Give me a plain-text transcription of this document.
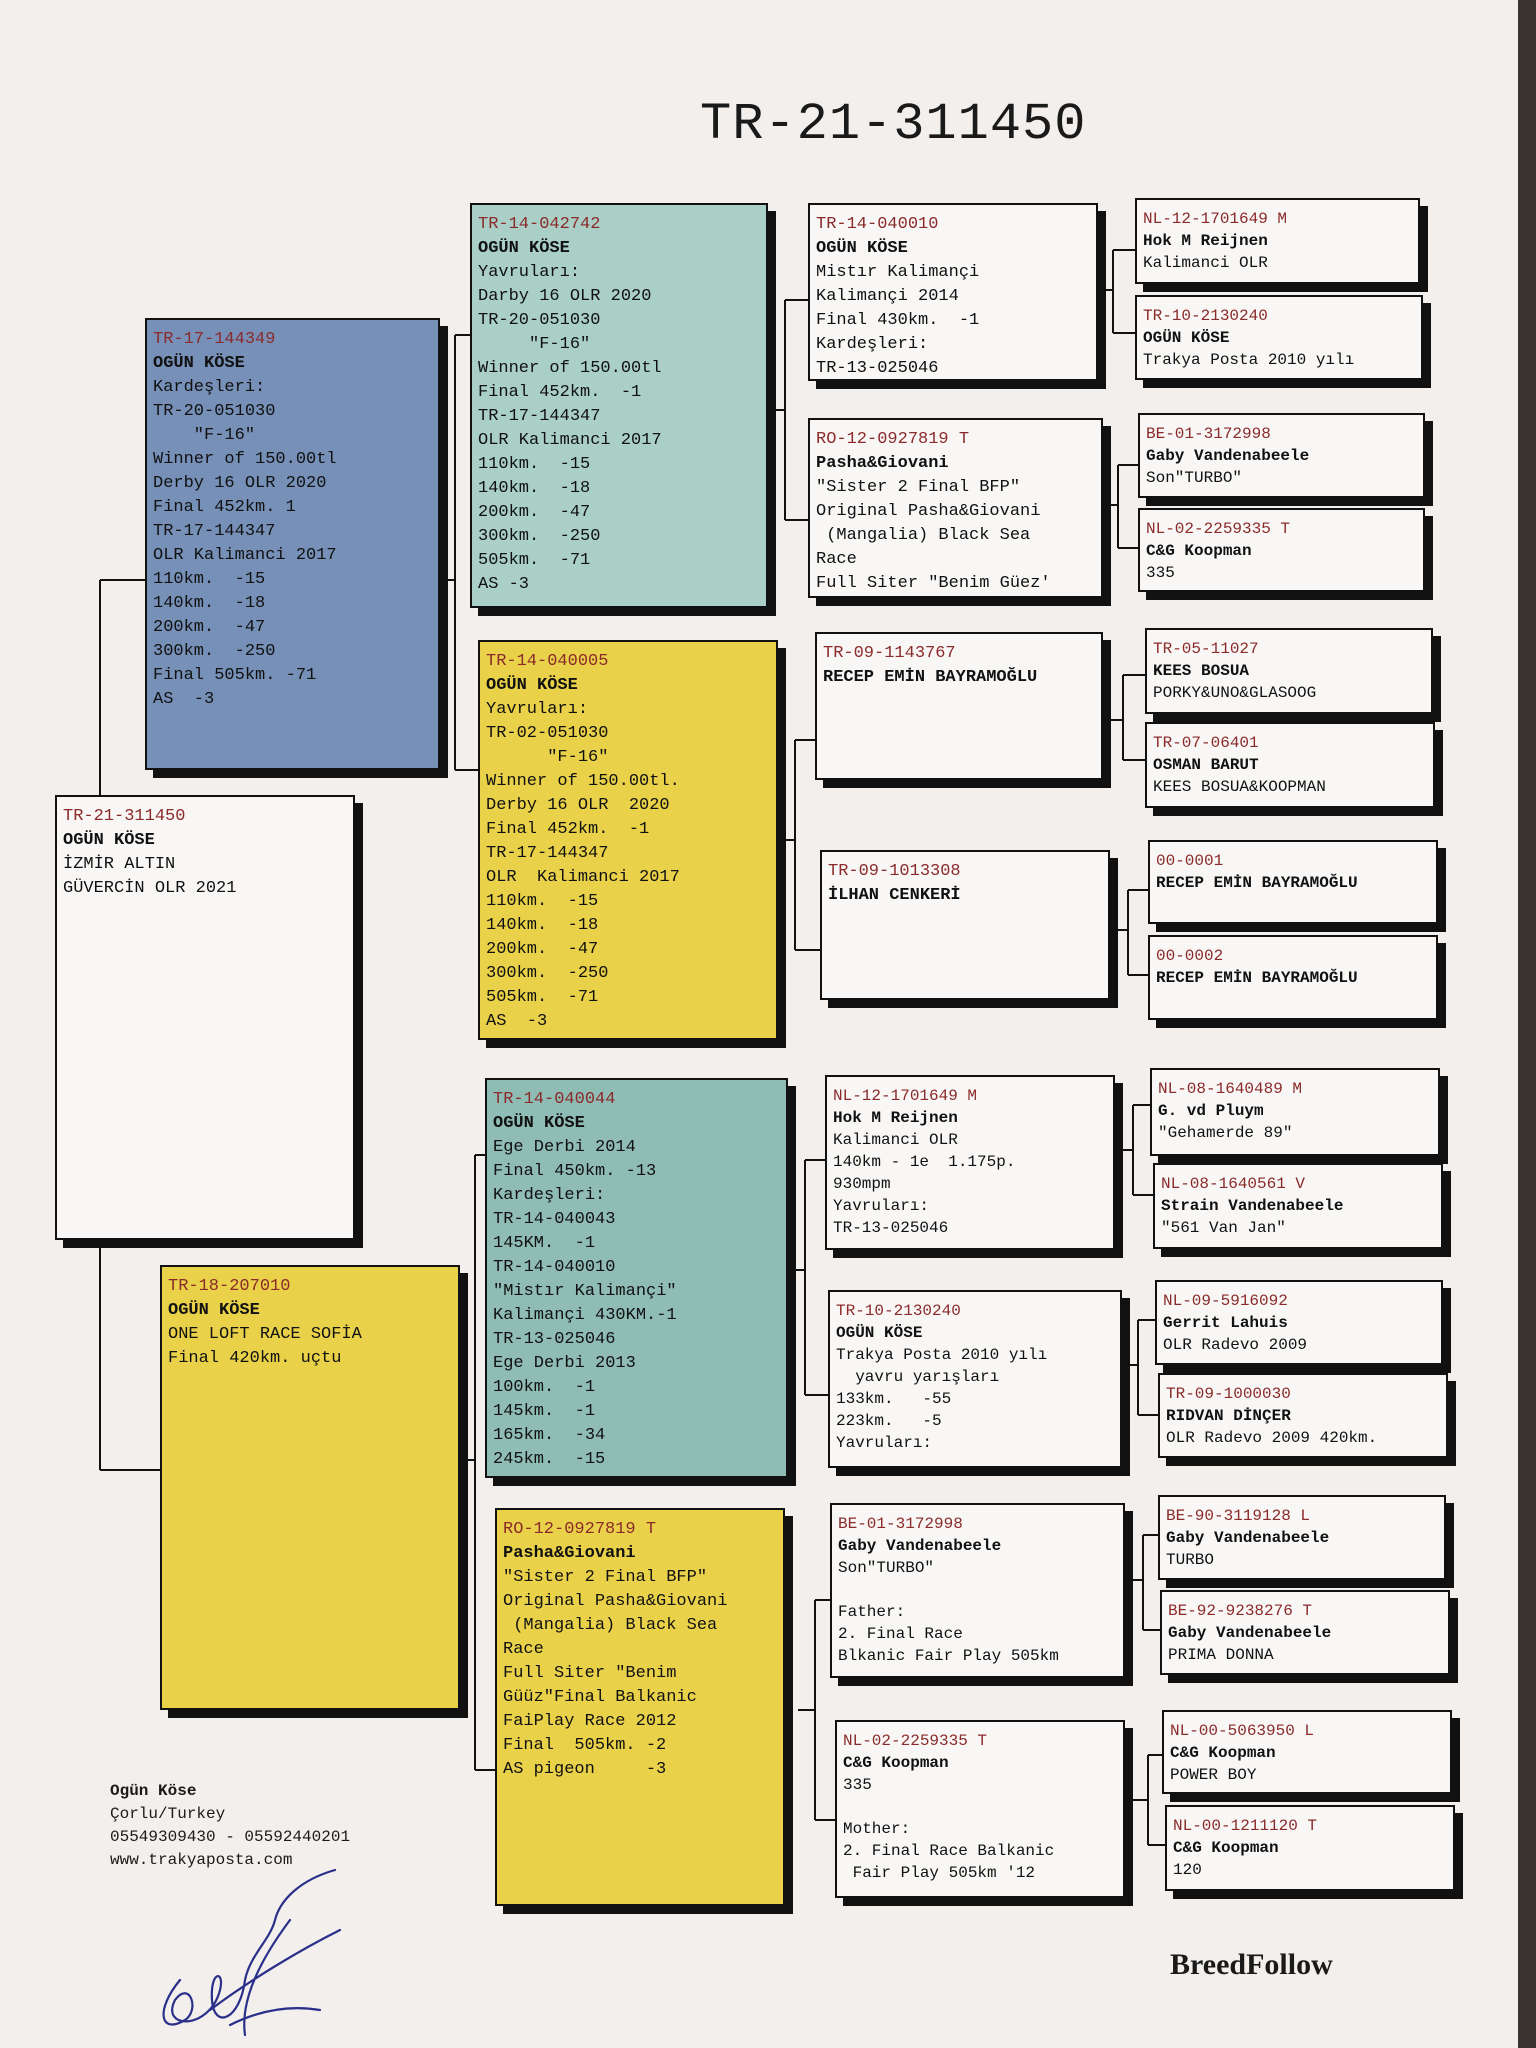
TR-21-311450
TR-21-311450
OGÜN KÖSE
İZMİR ALTIN
GÜVERCİN OLR 2021
TR-17-144349
OGÜN KÖSE
Kardeşleri:
TR-20-051030
"F-16"
Winner of 150.00tl
Derby 16 OLR 2020
Final 452km. 1
TR-17-144347
OLR Kalimanci 2017
110km.  -15
140km.  -18
200km.  -47
300km.  -250
Final 505km. -71
AS  -3
TR-18-207010
OGÜN KÖSE
ONE LOFT RACE SOFİA
Final 420km. uçtu
TR-14-042742
OGÜN KÖSE
Yavruları:
Darby 16 OLR 2020
TR-20-051030
"F-16"
Winner of 150.00tl
Final 452km.  -1
TR-17-144347
OLR Kalimanci 2017
110km.  -15
140km.  -18
200km.  -47
300km.  -250
505km.  -71
AS -3
TR-14-040005
OGÜN KÖSE
Yavruları:
TR-02-051030
"F-16"
Winner of 150.00tl.
Derby 16 OLR  2020
Final 452km.  -1
TR-17-144347
OLR  Kalimanci 2017
110km.  -15
140km.  -18
200km.  -47
300km.  -250
505km.  -71
AS  -3
TR-14-040044
OGÜN KÖSE
Ege Derbi 2014
Final 450km. -13
Kardeşleri:
TR-14-040043
145KM.  -1
TR-14-040010
"Mistır Kalimançi"
Kalimançi 430KM.-1
TR-13-025046
Ege Derbi 2013
100km.  -1
145km.  -1
165km.  -34
245km.  -15
RO-12-0927819 T
Pasha&Giovani
"Sister 2 Final BFP"
Original Pasha&Giovani
(Mangalia) Black Sea
Race
Full Siter "Benim
Güüz"Final Balkanic
FaiPlay Race 2012
Final  505km. -2
AS pigeon     -3
TR-14-040010
OGÜN KÖSE
Mistır Kalimançi
Kalimançi 2014
Final 430km.  -1
Kardeşleri:
TR-13-025046
RO-12-0927819 T
Pasha&Giovani
"Sister 2 Final BFP"
Original Pasha&Giovani
(Mangalia) Black Sea
Race
Full Siter "Benim Güez'
TR-09-1143767
RECEP EMİN BAYRAMOĞLU
TR-09-1013308
İLHAN CENKERİ
NL-12-1701649 M
Hok M Reijnen
Kalimanci OLR
140km - 1e  1.175p.
930mpm
Yavruları:
TR-13-025046
TR-10-2130240
OGÜN KÖSE
Trakya Posta 2010 yılı
yavru yarışları
133km.   -55
223km.   -5
Yavruları:
BE-01-3172998
Gaby Vandenabeele
Son"TURBO"

Father:
2. Final Race
Blkanic Fair Play 505km
NL-02-2259335 T
C&G Koopman
335

Mother:
2. Final Race Balkanic
Fair Play 505km '12
NL-12-1701649 M
Hok M Reijnen
Kalimanci OLR
TR-10-2130240
OGÜN KÖSE
Trakya Posta 2010 yılı
BE-01-3172998
Gaby Vandenabeele
Son"TURBO"
NL-02-2259335 T
C&G Koopman
335
TR-05-11027
KEES BOSUA
PORKY&UNO&GLASOOG
TR-07-06401
OSMAN BARUT
KEES BOSUA&KOOPMAN
00-0001
RECEP EMİN BAYRAMOĞLU
00-0002
RECEP EMİN BAYRAMOĞLU
NL-08-1640489 M
G. vd Pluym
"Gehamerde 89"
NL-08-1640561 V
Strain Vandenabeele
"561 Van Jan"
NL-09-5916092
Gerrit Lahuis
OLR Radevo 2009
TR-09-1000030
RIDVAN DİNÇER
OLR Radevo 2009 420km.
BE-90-3119128 L
Gaby Vandenabeele
TURBO
BE-92-9238276 T
Gaby Vandenabeele
PRIMA DONNA
NL-00-5063950 L
C&G Koopman
POWER BOY
NL-00-1211120 T
C&G Koopman
120
Ogün Köse
Çorlu/Turkey
05549309430 - 05592440201
www.trakyaposta.com
BreedFollow
